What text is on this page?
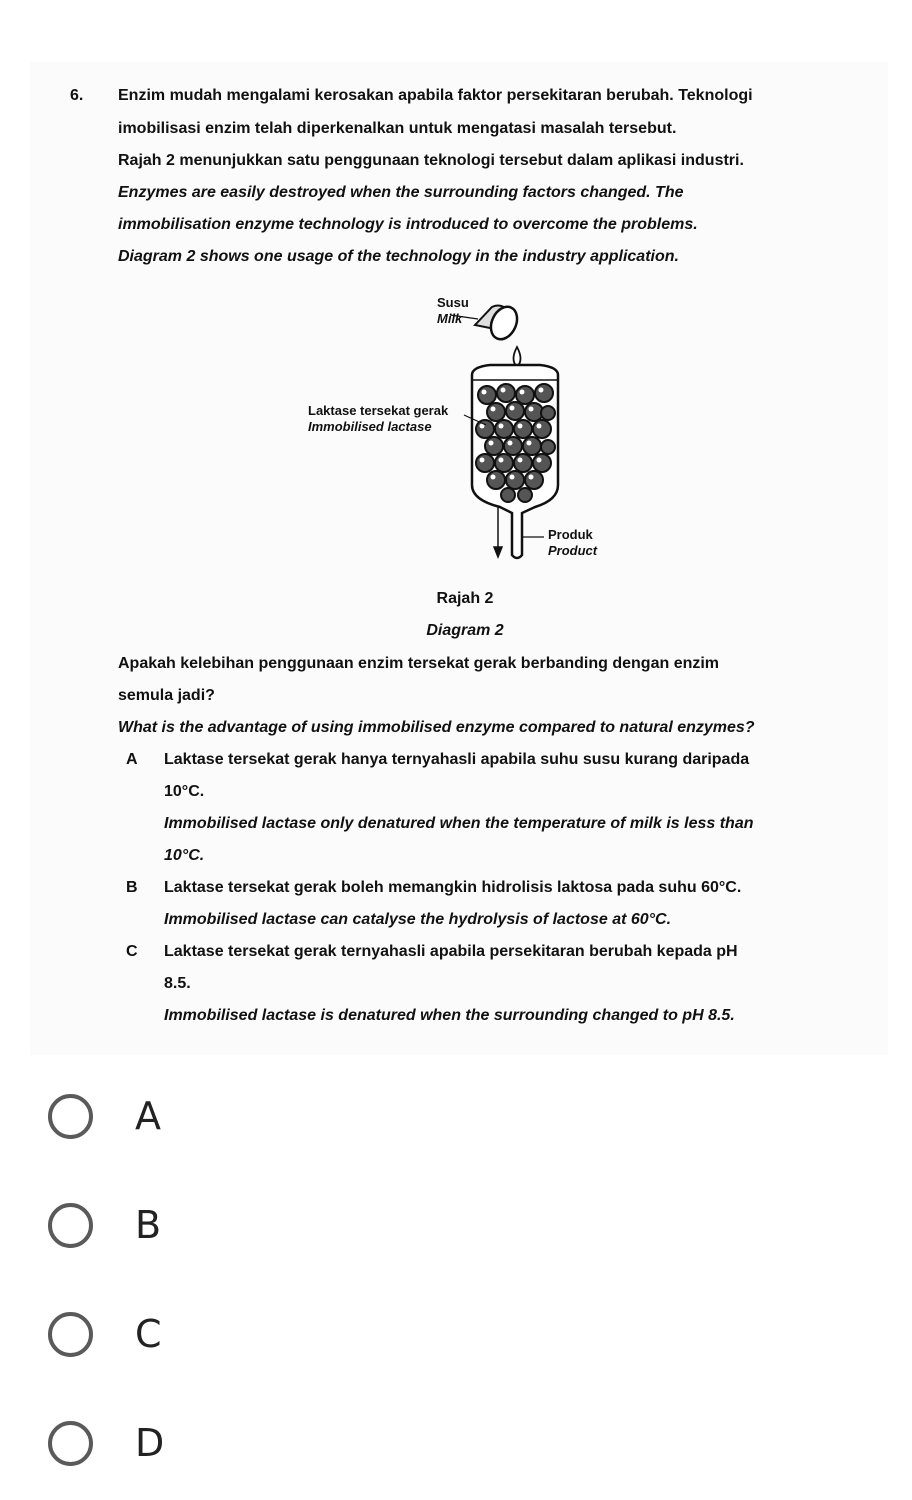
6. Enzim mudah mengalami kerosakan apabila faktor persekitaran berubah. Teknologi
imobilisasi enzim telah diperkenalkan untuk mengatasi masalah tersebut.
Rajah 2 menunjukkan satu penggunaan teknologi tersebut dalam aplikasi industri.
Enzymes are easily destroyed when the surrounding factors changed. The
immobilisation enzyme technology is introduced to overcome the problems.
Diagram 2 shows one usage of the technology in the industry application.
Susu
Milk
Laktase tersekat gerak
Immobilised lactase
Produk
Product
Rajah 2
Diagram 2
Apakah kelebihan penggunaan enzim tersekat gerak berbanding dengan enzim
semula jadi?
What is the advantage of using immobilised enzyme compared to natural enzymes?
A Laktase tersekat gerak hanya ternyahasli apabila suhu susu kurang daripada
10°C.
Immobilised lactase only denatured when the temperature of milk is less than
10°C.
B Laktase tersekat gerak boleh memangkin hidrolisis laktosa pada suhu 60°C.
Immobilised lactase can catalyse the hydrolysis of lactose at 60°C.
C Laktase tersekat gerak ternyahasli apabila persekitaran berubah kepada pH
8.5.
Immobilised lactase is denatured when the surrounding changed to pH 8.5.
A
B
C
D
